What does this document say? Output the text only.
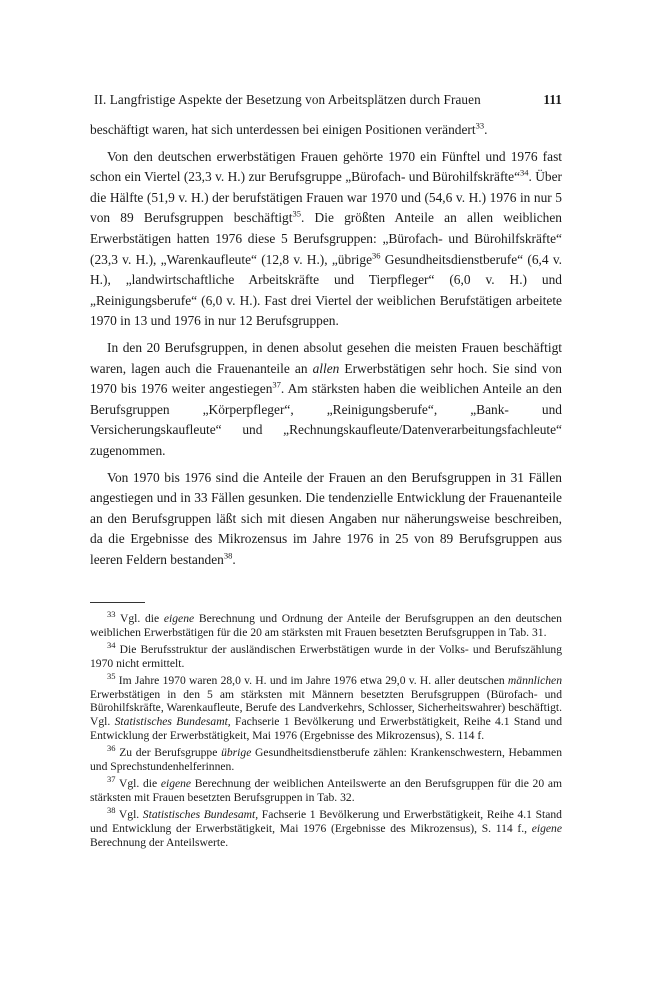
II. Langfristige Aspekte der Besetzung von Arbeitsplätzen durch Frauen	111

beschäftigt waren, hat sich unterdessen bei einigen Positionen verändert$^{33}$.

Von den deutschen erwerbstätigen Frauen gehörte 1970 ein Fünftel und 1976 fast schon ein Viertel (23,3 v. H.) zur Berufsgruppe „Bürofach- und Bürohilfskräfte“$^{34}$. Über die Hälfte (51,9 v. H.) der berufstätigen Frauen war 1970 und (54,6 v. H.) 1976 in nur 5 von 89 Berufsgruppen beschäftigt$^{35}$. Die größten Anteile an allen weiblichen Erwerbstätigen hatten 1976 diese 5 Berufsgruppen: „Bürofach- und Bürohilfskräfte“ (23,3 v. H.), „Warenkaufleute“ (12,8 v. H.), „übrige$^{36}$ Gesundheitsdienstberufe“ (6,4 v. H.), „landwirtschaftliche Arbeitskräfte und Tierpfleger“ (6,0 v. H.) und „Reinigungsberufe“ (6,0 v. H.). Fast drei Viertel der weiblichen Berufstätigen arbeitete 1970 in 13 und 1976 in nur 12 Berufsgruppen.

In den 20 Berufsgruppen, in denen absolut gesehen die meisten Frauen beschäftigt waren, lagen auch die Frauenanteile an allen Erwerbstätigen sehr hoch. Sie sind von 1970 bis 1976 weiter angestiegen$^{37}$. Am stärksten haben die weiblichen Anteile an den Berufsgruppen „Körperpfleger“, „Reinigungsberufe“, „Bank- und Versicherungskaufleute“ und „Rechnungskaufleute/Datenverarbeitungsfachleute“ zugenommen.

Von 1970 bis 1976 sind die Anteile der Frauen an den Berufsgruppen in 31 Fällen angestiegen und in 33 Fällen gesunken. Die tendenzielle Entwicklung der Frauenanteile an den Berufsgruppen läßt sich mit diesen Angaben nur näherungsweise beschreiben, da die Ergebnisse des Mikrozensus im Jahre 1976 in 25 von 89 Berufsgruppen aus leeren Feldern bestanden$^{38}$.

$^{33}$ Vgl. die eigene Berechnung und Ordnung der Anteile der Berufsgruppen an den deutschen weiblichen Erwerbstätigen für die 20 am stärksten mit Frauen besetzten Berufsgruppen in Tab. 31.
$^{34}$ Die Berufsstruktur der ausländischen Erwerbstätigen wurde in der Volks- und Berufszählung 1970 nicht ermittelt.
$^{35}$ Im Jahre 1970 waren 28,0 v. H. und im Jahre 1976 etwa 29,0 v. H. aller deutschen männlichen Erwerbstätigen in den 5 am stärksten mit Männern besetzten Berufsgruppen (Bürofach- und Bürohilfskräfte, Warenkaufleute, Berufe des Landverkehrs, Schlosser, Sicherheitswahrer) beschäftigt. Vgl. Statistisches Bundesamt, Fachserie 1 Bevölkerung und Erwerbstätigkeit, Reihe 4.1 Stand und Entwicklung der Erwerbstätigkeit, Mai 1976 (Ergebnisse des Mikrozensus), S. 114 f.
$^{36}$ Zu der Berufsgruppe übrige Gesundheitsdienstberufe zählen: Krankenschwestern, Hebammen und Sprechstundenhelferinnen.
$^{37}$ Vgl. die eigene Berechnung der weiblichen Anteilswerte an den Berufsgruppen für die 20 am stärksten mit Frauen besetzten Berufsgruppen in Tab. 32.
$^{38}$ Vgl. Statistisches Bundesamt, Fachserie 1 Bevölkerung und Erwerbstätigkeit, Reihe 4.1 Stand und Entwicklung der Erwerbstätigkeit, Mai 1976 (Ergebnisse des Mikrozensus), S. 114 f., eigene Berechnung der Anteilswerte.
